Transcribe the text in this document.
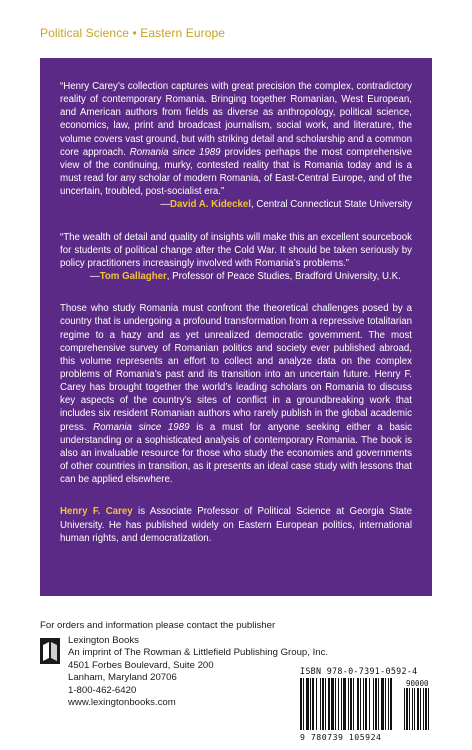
Political Science • Eastern Europe

“Henry Carey’s collection captures with great precision the complex, contradictory reality of contemporary Romania. Bringing together Romanian, West European, and American authors from fields as diverse as anthropology, political science, economics, law, print and broadcast journalism, social work, and literature, the volume covers vast ground, but with striking detail and scholarship and a common core approach. Romania since 1989 provides perhaps the most comprehensive view of the continuing, murky, contested reality that is Romania today and is a must read for any scholar of modern Romania, of East-Central Europe, and of the uncertain, troubled, post-socialist era.”

—David A. Kideckel, Central Connecticut State University

“The wealth of detail and quality of insights will make this an excellent sourcebook for students of political change after the Cold War. It should be taken seriously by policy practitioners increasingly involved with Romania’s problems.”

—Tom Gallagher, Professor of Peace Studies, Bradford University, U.K.

Those who study Romania must confront the theoretical challenges posed by a country that is undergoing a profound transformation from a repressive totalitarian regime to a hazy and as yet unrealized democratic government. The most comprehensive survey of Romanian politics and society ever published abroad, this volume represents an effort to collect and analyze data on the complex problems of Romania’s past and its transition into an uncertain future. Henry F. Carey has brought together the world’s leading scholars on Romania to discuss key aspects of the country’s sites of conflict in a groundbreaking work that includes six resident Romanian authors who rarely publish in the global academic press. Romania since 1989 is a must for anyone seeking either a basic understanding or a sophisticated analysis of contemporary Romania. The book is also an invaluable resource for those who study the economies and governments of other countries in transition, as it presents an ideal case study with lessons that can be applied elsewhere.

Henry F. Carey is Associate Professor of Political Science at Georgia State University. He has published widely on Eastern European politics, international human rights, and democratization.

For orders and information please contact the publisher
Lexington Books
An imprint of The Rowman & Littlefield Publishing Group, Inc.
4501 Forbes Boulevard, Suite 200
Lanham, Maryland 20706
1-800-462-6420
www.lexingtonbooks.com
ISBN 978-0-7391-0592-4
90000
9 780739 105924
